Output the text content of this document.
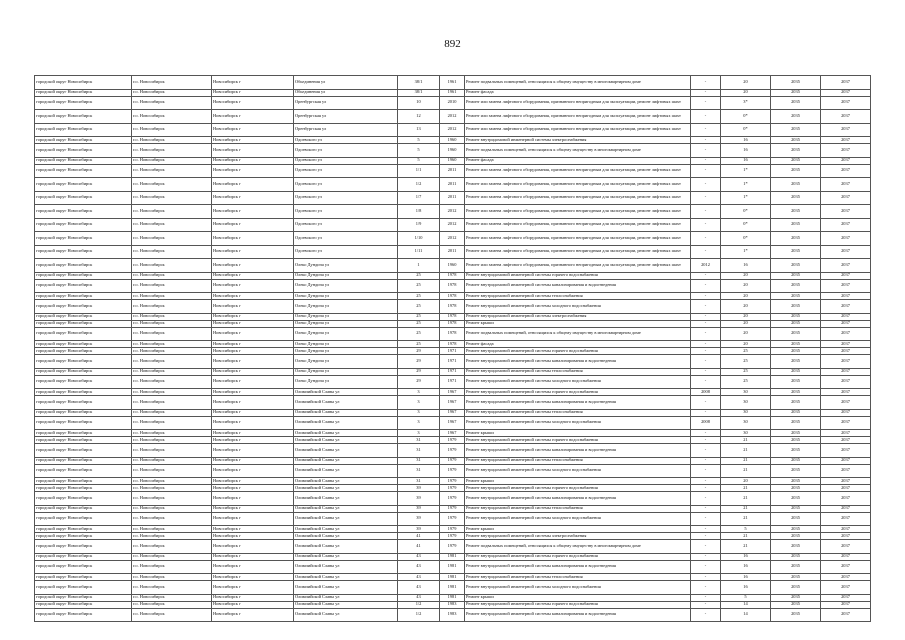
892
городской округ Новосибирск	г.о. Новосибирск	Новосибирск г	Обьединения ул	38/1	1961	Ремонт подвальных помещений, относящихся к общему имуществу в многоквартирном доме	-	20	2035	2037
городской округ Новосибирск	г.о. Новосибирск	Новосибирск г	Обьединения ул	38/1	1961	Ремонт фасада	-	20	2035	2037
городской округ Новосибирск	г.о. Новосибирск	Новосибирск г	Оренбургская ул	10	2010	Ремонт или замена лифтового оборудования, признанного непригодным для эксплуатации, ремонт лифтовых шахт	-	3*	2035	2037
городской округ Новосибирск	г.о. Новосибирск	Новосибирск г	Оренбургская ул	12	2012	Ремонт или замена лифтового оборудования, признанного непригодным для эксплуатации, ремонт лифтовых шахт	-	0*	2035	2037
городской округ Новосибирск	г.о. Новосибирск	Новосибирск г	Оренбургская ул	13	2012	Ремонт или замена лифтового оборудования, признанного непригодным для эксплуатации, ремонт лифтовых шахт	-	0*	2035	2037
городской округ Новосибирск	г.о. Новосибирск	Новосибирск г	Одоевского ул	5	1960	Ремонт внутридомовой инженерной системы электроснабжения	-	16	2035	2037
городской округ Новосибирск	г.о. Новосибирск	Новосибирск г	Одоевского ул	5	1960	Ремонт подвальных помещений, относящихся к общему имуществу в многоквартирном доме	-	16	2035	2037
городской округ Новосибирск	г.о. Новосибирск	Новосибирск г	Одоевского ул	5	1960	Ремонт фасада	-	16	2035	2037
городской округ Новосибирск	г.о. Новосибирск	Новосибирск г	Одоевского ул	1/1	2011	Ремонт или замена лифтового оборудования, признанного непригодным для эксплуатации, ремонт лифтовых шахт	-	1*	2035	2037
городской округ Новосибирск	г.о. Новосибирск	Новосибирск г	Одоевского ул	1/2	2011	Ремонт или замена лифтового оборудования, признанного непригодным для эксплуатации, ремонт лифтовых шахт	-	1*	2035	2037
городской округ Новосибирск	г.о. Новосибирск	Новосибирск г	Одоевского ул	1/7	2011	Ремонт или замена лифтового оборудования, признанного непригодным для эксплуатации, ремонт лифтовых шахт	-	1*	2035	2037
городской округ Новосибирск	г.о. Новосибирск	Новосибирск г	Одоевского ул	1/8	2012	Ремонт или замена лифтового оборудования, признанного непригодным для эксплуатации, ремонт лифтовых шахт	-	0*	2035	2037
городской округ Новосибирск	г.о. Новосибирск	Новосибирск г	Одоевского ул	1/9	2012	Ремонт или замена лифтового оборудования, признанного непригодным для эксплуатации, ремонт лифтовых шахт	-	0*	2035	2037
городской округ Новосибирск	г.о. Новосибирск	Новосибирск г	Одоевского ул	1/10	2012	Ремонт или замена лифтового оборудования, признанного непригодным для эксплуатации, ремонт лифтовых шахт	-	0*	2035	2037
городской округ Новосибирск	г.о. Новосибирск	Новосибирск г	Одоевского ул	1/11	2011	Ремонт или замена лифтового оборудования, признанного непригодным для эксплуатации, ремонт лифтовых шахт	-	1*	2035	2037
городской округ Новосибирск	г.о. Новосибирск	Новосибирск г	Олеко Дундича ул	1	1960	Ремонт или замена лифтового оборудования, признанного непригодным для эксплуатации, ремонт лифтовых шахт	2012	16	2035	2037
городской округ Новосибирск	г.о. Новосибирск	Новосибирск г	Олеко Дундича ул	25	1978	Ремонт внутридомовой инженерной системы горячего водоснабжения	-	20	2035	2037
городской округ Новосибирск	г.о. Новосибирск	Новосибирск г	Олеко Дундича ул	25	1978	Ремонт внутридомовой инженерной системы канализирования и водоотведения	-	20	2035	2037
городской округ Новосибирск	г.о. Новосибирск	Новосибирск г	Олеко Дундича ул	25	1978	Ремонт внутридомовой инженерной системы теплоснабжения	-	20	2035	2037
городской округ Новосибирск	г.о. Новосибирск	Новосибирск г	Олеко Дундича ул	25	1978	Ремонт внутридомовой инженерной системы холодного водоснабжения	-	20	2035	2037
городской округ Новосибирск	г.о. Новосибирск	Новосибирск г	Олеко Дундича ул	25	1978	Ремонт внутридомовой инженерной системы электроснабжения	-	20	2035	2037
городской округ Новосибирск	г.о. Новосибирск	Новосибирск г	Олеко Дундича ул	25	1978	Ремонт крыши	-	20	2035	2037
городской округ Новосибирск	г.о. Новосибирск	Новосибирск г	Олеко Дундича ул	25	1978	Ремонт подвальных помещений, относящихся к общему имуществу в многоквартирном доме	-	20	2035	2037
городской округ Новосибирск	г.о. Новосибирск	Новосибирск г	Олеко Дундича ул	25	1978	Ремонт фасада	-	20	2035	2037
городской округ Новосибирск	г.о. Новосибирск	Новосибирск г	Олеко Дундича ул	29	1971	Ремонт внутридомовой инженерной системы горячего водоснабжения	-	25	2035	2037
городской округ Новосибирск	г.о. Новосибирск	Новосибирск г	Олеко Дундича ул	29	1971	Ремонт внутридомовой инженерной системы канализирования и водоотведения	-	25	2035	2037
городской округ Новосибирск	г.о. Новосибирск	Новосибирск г	Олеко Дундича ул	29	1971	Ремонт внутридомовой инженерной системы теплоснабжения	-	25	2035	2037
городской округ Новосибирск	г.о. Новосибирск	Новосибирск г	Олеко Дундича ул	29	1971	Ремонт внутридомовой инженерной системы холодного водоснабжения	-	25	2035	2037
городской округ Новосибирск	г.о. Новосибирск	Новосибирск г	Олимпийской Славы ул	3	1967	Ремонт внутридомовой инженерной системы горячего водоснабжения	2008	30	2035	2037
городской округ Новосибирск	г.о. Новосибирск	Новосибирск г	Олимпийской Славы ул	3	1967	Ремонт внутридомовой инженерной системы канализирования и водоотведения	-	30	2035	2037
городской округ Новосибирск	г.о. Новосибирск	Новосибирск г	Олимпийской Славы ул	3	1967	Ремонт внутридомовой инженерной системы теплоснабжения	-	30	2035	2037
городской округ Новосибирск	г.о. Новосибирск	Новосибирск г	Олимпийской Славы ул	3	1967	Ремонт внутридомовой инженерной системы холодного водоснабжения	2008	30	2035	2037
городской округ Новосибирск	г.о. Новосибирск	Новосибирск г	Олимпийской Славы ул	3	1967	Ремонт крыши	-	30	2035	2037
городской округ Новосибирск	г.о. Новосибирск	Новосибирск г	Олимпийской Славы ул	31	1979	Ремонт внутридомовой инженерной системы горячего водоснабжения	-	21	2035	2037
городской округ Новосибирск	г.о. Новосибирск	Новосибирск г	Олимпийской Славы ул	31	1979	Ремонт внутридомовой инженерной системы канализирования и водоотведения	-	21	2035	2037
городской округ Новосибирск	г.о. Новосибирск	Новосибирск г	Олимпийской Славы ул	31	1979	Ремонт внутридомовой инженерной системы теплоснабжения	-	21	2035	2037
городской округ Новосибирск	г.о. Новосибирск	Новосибирск г	Олимпийской Славы ул	31	1979	Ремонт внутридомовой инженерной системы холодного водоснабжения	-	21	2035	2037
городской округ Новосибирск	г.о. Новосибирск	Новосибирск г	Олимпийской Славы ул	31	1979	Ремонт крыши	-	20	2035	2037
городской округ Новосибирск	г.о. Новосибирск	Новосибирск г	Олимпийской Славы ул	39	1979	Ремонт внутридомовой инженерной системы горячего водоснабжения	-	21	2035	2037
городской округ Новосибирск	г.о. Новосибирск	Новосибирск г	Олимпийской Славы ул	39	1979	Ремонт внутридомовой инженерной системы канализирования и водоотведения	-	21	2035	2037
городской округ Новосибирск	г.о. Новосибирск	Новосибирск г	Олимпийской Славы ул	39	1979	Ремонт внутридомовой инженерной системы теплоснабжения	-	21	2035	2037
городской округ Новосибирск	г.о. Новосибирск	Новосибирск г	Олимпийской Славы ул	39	1979	Ремонт внутридомовой инженерной системы холодного водоснабжения	-	21	2035	2037
городской округ Новосибирск	г.о. Новосибирск	Новосибирск г	Олимпийской Славы ул	39	1979	Ремонт крыши	-	5	2035	2037
городской округ Новосибирск	г.о. Новосибирск	Новосибирск г	Олимпийской Славы ул	41	1979	Ремонт внутридомовой инженерной системы электроснабжения	-	21	2035	2037
городской округ Новосибирск	г.о. Новосибирск	Новосибирск г	Олимпийской Славы ул	41	1979	Ремонт подвальных помещений, относящихся к общему имуществу в многоквартирном доме	-	21	2035	2037
городской округ Новосибирск	г.о. Новосибирск	Новосибирск г	Олимпийской Славы ул	43	1981	Ремонт внутридомовой инженерной системы горячего водоснабжения	-	16	2035	2037
городской округ Новосибирск	г.о. Новосибирск	Новосибирск г	Олимпийской Славы ул	43	1981	Ремонт внутридомовой инженерной системы канализирования и водоотведения	-	16	2035	2037
городской округ Новосибирск	г.о. Новосибирск	Новосибирск г	Олимпийской Славы ул	43	1981	Ремонт внутридомовой инженерной системы теплоснабжения	-	16	2035	2037
городской округ Новосибирск	г.о. Новосибирск	Новосибирск г	Олимпийской Славы ул	43	1981	Ремонт внутридомовой инженерной системы холодного водоснабжения	-	16	2035	2037
городской округ Новосибирск	г.о. Новосибирск	Новосибирск г	Олимпийской Славы ул	43	1981	Ремонт крыши	-	5	2035	2037
городской округ Новосибирск	г.о. Новосибирск	Новосибирск г	Олимпийской Славы ул	1/2	1983	Ремонт внутридомовой инженерной системы горячего водоснабжения	-	14	2035	2037
городской округ Новосибирск	г.о. Новосибирск	Новосибирск г	Олимпийской Славы ул	1/2	1983	Ремонт внутридомовой инженерной системы канализирования и водоотведения	-	14	2035	2037
